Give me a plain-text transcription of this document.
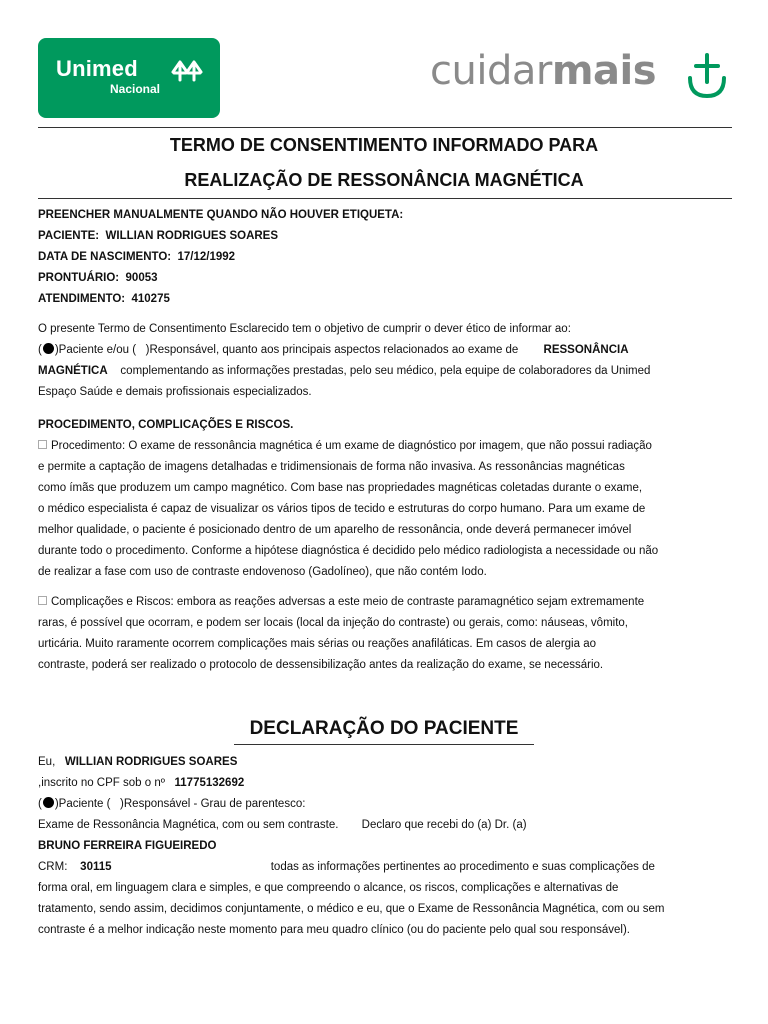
Unimed
Nacional	cuidarmais
TERMO DE CONSENTIMENTO INFORMADO PARA
REALIZAÇÃO DE RESSONÂNCIA MAGNÉTICA
PREENCHER MANUALMENTE QUANDO NÃO HOUVER ETIQUETA:
PACIENTE: WILLIAN RODRIGUES SOARES
DATA DE NASCIMENTO: 17/12/1992
PRONTUÁRIO: 90053
ATENDIMENTO: 410275
O presente Termo de Consentimento Esclarecido tem o objetivo de cumprir o dever ético de informar ao:
( )Paciente e/ou ( )Responsável, quanto aos principais aspectos relacionados ao exame de RESSONÂNCIA
MAGNÉTICA complementando as informações prestadas, pelo seu médico, pela equipe de colaboradores da Unimed
Espaço Saúde e demais profissionais especializados.
PROCEDIMENTO, COMPLICAÇÕES E RISCOS.
Procedimento: O exame de ressonância magnética é um exame de diagnóstico por imagem, que não possui radiação
e permite a captação de imagens detalhadas e tridimensionais de forma não invasiva. As ressonâncias magnéticas
como ímãs que produzem um campo magnético. Com base nas propriedades magnéticas coletadas durante o exame,
o médico especialista é capaz de visualizar os vários tipos de tecido e estruturas do corpo humano. Para um exame de
melhor qualidade, o paciente é posicionado dentro de um aparelho de ressonância, onde deverá permanecer imóvel
durante todo o procedimento. Conforme a hipótese diagnóstica é decidido pelo médico radiologista a necessidade ou não
de realizar a fase com uso de contraste endovenoso (Gadolíneo), que não contém Iodo.
Complicações e Riscos: embora as reações adversas a este meio de contraste paramagnético sejam extremamente
raras, é possível que ocorram, e podem ser locais (local da injeção do contraste) ou gerais, como: náuseas, vômito,
urticária. Muito raramente ocorrem complicações mais sérias ou reações anafiláticas. Em casos de alergia ao
contraste, poderá ser realizado o protocolo de dessensibilização antes da realização do exame, se necessário.
DECLARAÇÃO DO PACIENTE
Eu, WILLIAN RODRIGUES SOARES
,inscrito no CPF sob o nº 11775132692
( )Paciente ( )Responsável - Grau de parentesco:
Exame de Ressonância Magnética, com ou sem contraste. Declaro que recebi do (a) Dr. (a)
BRUNO FERREIRA FIGUEIREDO
CRM: 30115	todas as informações pertinentes ao procedimento e suas complicações de
forma oral, em linguagem clara e simples, e que compreendo o alcance, os riscos, complicações e alternativas de
tratamento, sendo assim, decidimos conjuntamente, o médico e eu, que o Exame de Ressonância Magnética, com ou sem
contraste é a melhor indicação neste momento para meu quadro clínico (ou do paciente pelo qual sou responsável).
